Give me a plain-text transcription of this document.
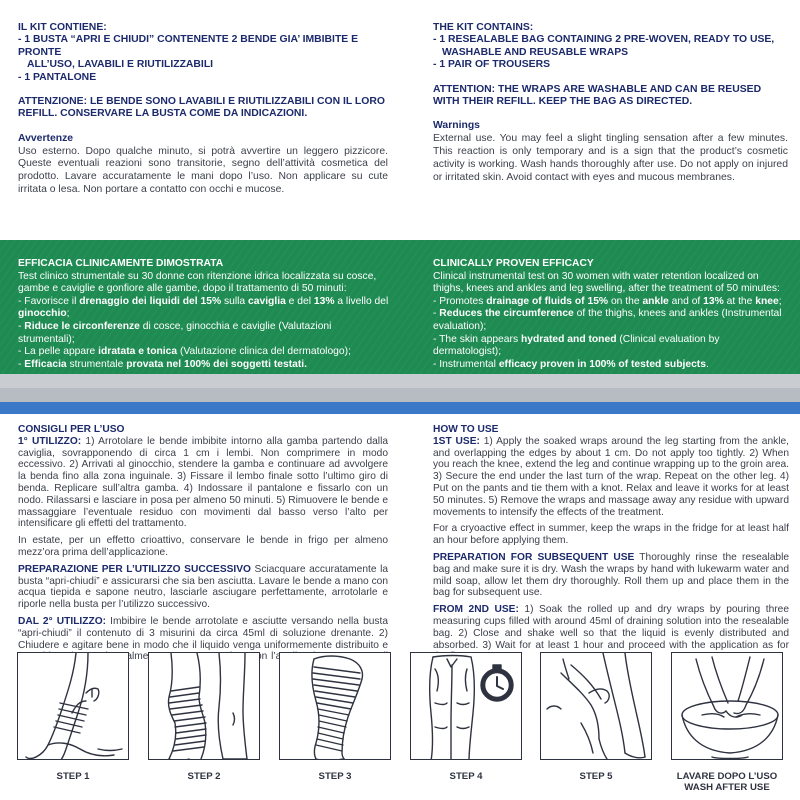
IL KIT CONTIENE:
- 1 BUSTA “APRI E CHIUDI” CONTENENTE 2 BENDE GIA’ IMBIBITE E PRONTE
ALL’USO, LAVABILI E RIUTILIZZABILI
- 1 PANTALONE
ATTENZIONE: LE BENDE SONO LAVABILI E RIUTILIZZABILI CON IL LORO REFILL. CONSERVARE LA BUSTA COME DA INDICAZIONI.
Avvertenze
Uso esterno. Dopo qualche minuto, si potrà avvertire un leggero pizzicore. Queste eventuali reazioni sono transitorie, segno dell’attività cosmetica del prodotto. Lavare accuratamente le mani dopo l’uso. Non applicare su cute irritata o lesa. Non portare a contatto con occhi e mucose.
THE KIT CONTAINS:
- 1 RESEALABLE BAG CONTAINING 2 PRE-WOVEN, READY TO USE,
WASHABLE AND REUSABLE WRAPS
- 1 PAIR OF TROUSERS
ATTENTION: THE WRAPS ARE WASHABLE AND CAN BE REUSED WITH THEIR REFILL. KEEP THE BAG AS DIRECTED.
Warnings
External use. You may feel a slight tingling sensation after a few minutes. This reaction is only temporary and is a sign that the product’s cosmetic activity is working. Wash hands thoroughly after use. Do not apply on injured or irritated skin. Avoid contact with eyes and mucous membranes.
EFFICACIA CLINICAMENTE DIMOSTRATA
Test clinico strumentale su 30 donne con ritenzione idrica localizzata su cosce, gambe e caviglie e gonfiore alle gambe, dopo il trattamento di 50 minuti:
- Favorisce il drenaggio dei liquidi del 15% sulla caviglia e del 13% a livello del ginocchio;
- Riduce le circonferenze di cosce, ginocchia e caviglie (Valutazioni strumentali);
- La pelle appare idratata e tonica (Valutazione clinica del dermatologo);
- Efficacia strumentale provata nel 100% dei soggetti testati.
CLINICALLY PROVEN EFFICACY
Clinical instrumental test on 30 women with water retention localized on thighs, knees and ankles and leg swelling, after the treatment of 50 minutes:
- Promotes drainage of fluids of 15% on the ankle and of 13% at the knee;
- Reduces the circumference of the thighs, knees and ankles (Instrumental evaluation);
- The skin appears hydrated and toned (Clinical evaluation by dermatologist);
- Instrumental efficacy proven in 100% of tested subjects.
CONSIGLI PER L’USO

1° UTILIZZO: 1) Arrotolare le bende imbibite intorno alla gamba partendo dalla caviglia, sovrapponendo di circa 1 cm i lembi. Non comprimere in modo eccessivo. 2) Arrivati al ginocchio, stendere la gamba e continuare ad avvolgere la benda fino alla zona inguinale. 3) Fissare il lembo finale sotto l’ultimo giro di benda. Replicare sull’altra gamba. 4) Indossare il pantalone e fissarlo con un nodo. Rilassarsi e lasciare in posa per almeno 50 minuti. 5) Rimuovere le bende e massaggiare l’eventuale residuo con movimenti dal basso verso l’alto per intensificare gli effetti del trattamento.

In estate, per un effetto crioattivo, conservare le bende in frigo per almeno mezz’ora prima dell’applicazione.

PREPARAZIONE PER L’UTILIZZO SUCCESSIVO Sciacquare accuratamente la busta “apri-chiudi” e assicurarsi che sia ben asciutta. Lavare le bende a mano con acqua tiepida e sapone neutro, lasciarle asciugare perfettamente, arrotolarle e riporle nella busta per l’utilizzo successivo.

DAL 2° UTILIZZO: Imbibire le bende arrotolate e asciutte versando nella busta “apri-chiudi” il contenuto di 3 misurini da circa 45ml di soluzione drenante. 2) Chiudere e agitare bene in modo che il liquido venga uniformemente distribuito e almeno

HOW TO USE

1ST USE: 1) Apply the soaked wraps around the leg starting from the ankle, and overlapping the edges by about 1 cm. Do not apply too tightly. 2) When you reach the knee, extend the leg and continue wrapping up to the groin area. 3) Secure the end under the last turn of the wrap. Repeat on the other leg. 4) Put on the pants and tie them with a knot. Relax and leave it works for at least 50 minutes. 5) Remove the wraps and massage away any residue with upward movements to intensify the effects of the treatment.

For a cryoactive effect in summer, keep the wraps in the fridge for at least half an hour before applying them.

PREPARATION FOR SUBSEQUENT USE Thoroughly rinse the resealable bag and make sure it is dry. Wash the wraps by hand with lukewarm water and mild soap, allow let them dry thoroughly. Roll them up and place them in the bag for subsequent use.

FROM 2ND USE: 1) Soak the rolled up and dry wraps by pouring three measuring cups filled with around 45ml of draining solution into the resealable bag. 2) Close and shake well so that the liquid is evenly distributed and absorbed. 3) Wait for at least 1 hour and proceed with the application as for

STEP 1	STEP 2	STEP 3	STEP 4	STEP 5	LAVARE DOPO L’USO
WASH AFTER USE
